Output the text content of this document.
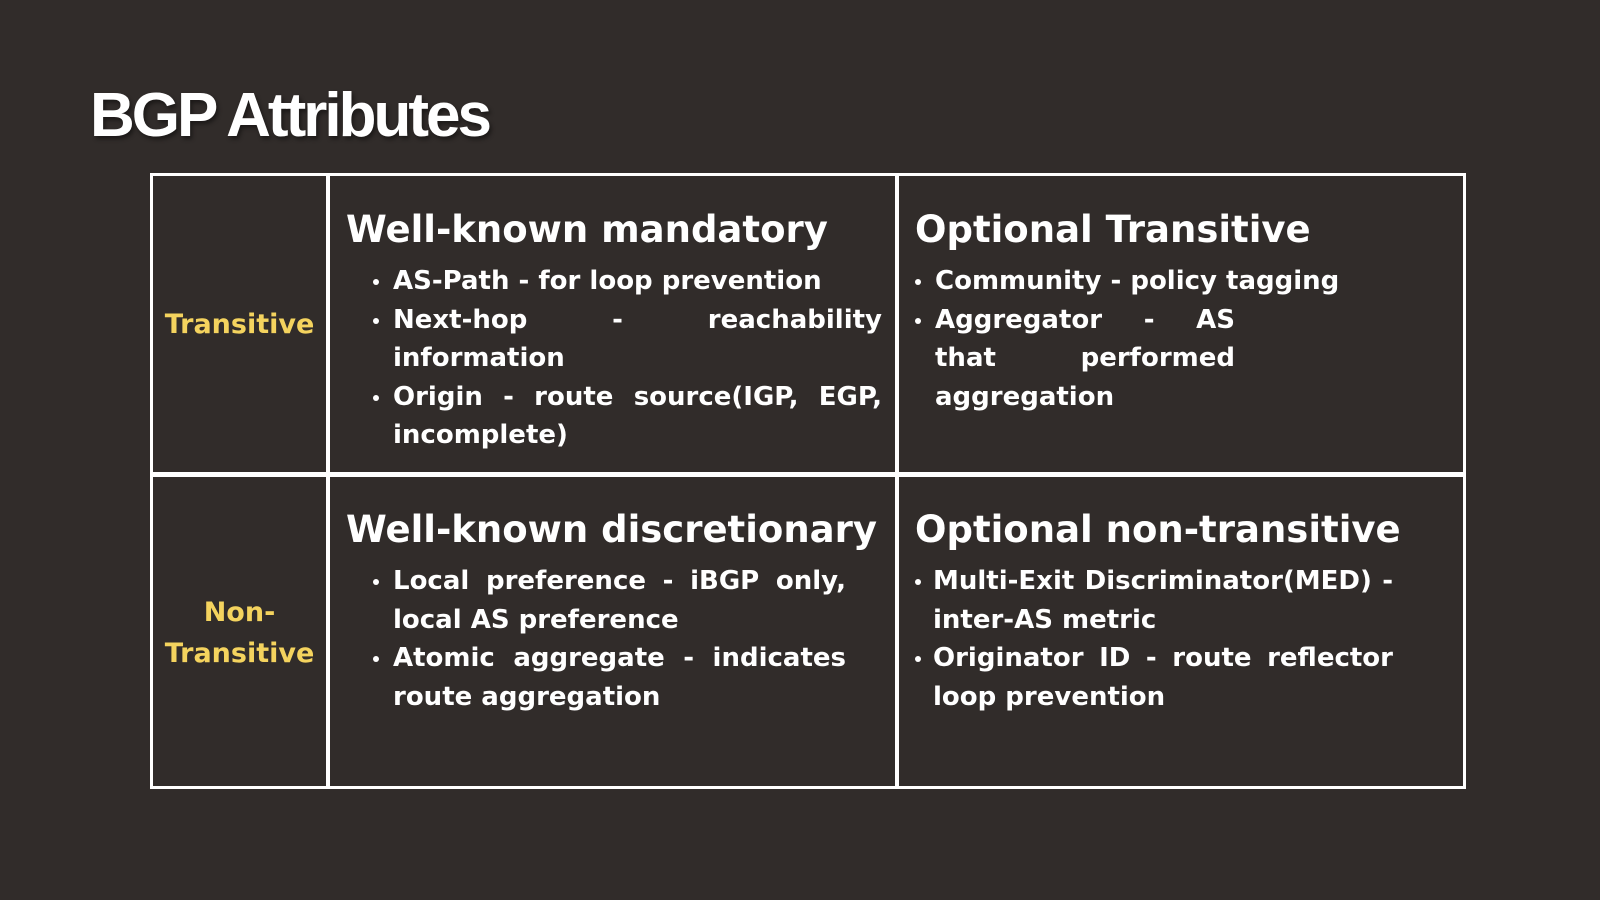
BGP Attributes
Transitive
Non-
Transitive
Well-known mandatory
AS-Path - for loop prevention
Next-hop - reachability information
Origin - route source(IGP, EGP, incomplete)
Optional Transitive
Community - policy tagging
Aggregator - AS that performed aggregation
Well-known discretionary
Local preference - iBGP only, local AS preference
Atomic aggregate - indicates route aggregation
Optional non-transitive
Multi-Exit Discriminator(MED) - inter-AS metric
Originator ID - route reflector loop prevention
